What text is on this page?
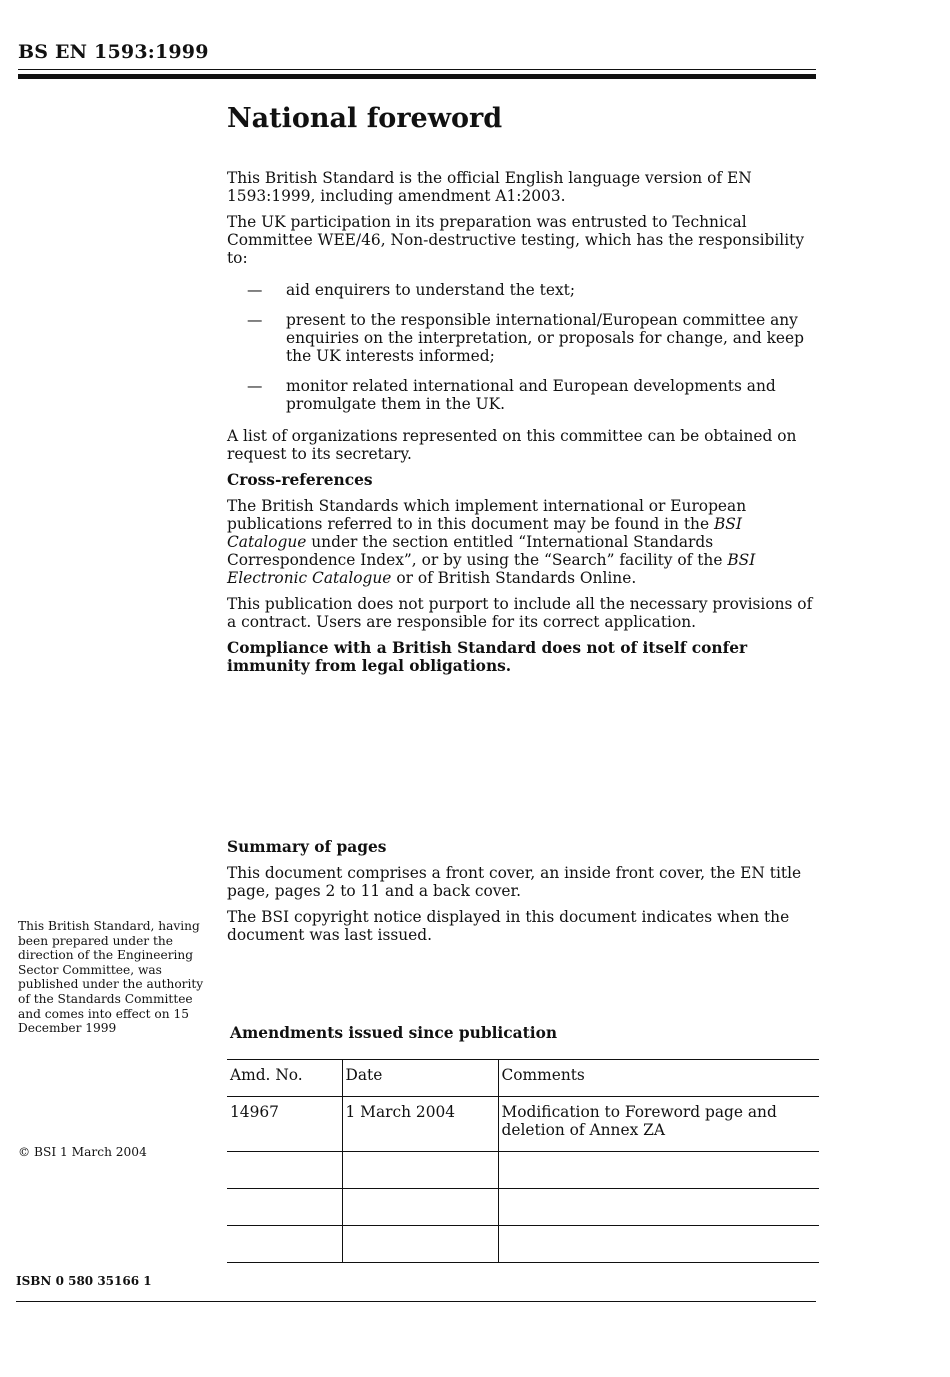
BS EN 1593:1999
National foreword

This British Standard is the official English language version of EN 1593:1999, including amendment A1:2003.

The UK participation in its preparation was entrusted to Technical Committee WEE/46, Non-destructive testing, which has the responsibility to:

— aid enquirers to understand the text;
— present to the responsible international/European committee any enquiries on the interpretation, or proposals for change, and keep the UK interests informed;
— monitor related international and European developments and promulgate them in the UK.

A list of organizations represented on this committee can be obtained on request to its secretary.

Cross-references

The British Standards which implement international or European publications referred to in this document may be found in the BSI Catalogue under the section entitled “International Standards Correspondence Index”, or by using the “Search” facility of the BSI Electronic Catalogue or of British Standards Online.

This publication does not purport to include all the necessary provisions of a contract. Users are responsible for its correct application.

Compliance with a British Standard does not of itself confer immunity from legal obligations.

Summary of pages

This document comprises a front cover, an inside front cover, the EN title page, pages 2 to 11 and a back cover.

The BSI copyright notice displayed in this document indicates when the document was last issued.

This British Standard, having been prepared under the direction of the Engineering Sector Committee, was published under the authority of the Standards Committee and comes into effect on 15 December 1999
© BSI 1 March 2004
Amendments issued since publication
Amd. No.	Date	Comments
14967	1 March 2004	Modification to Foreword page and deletion of Annex ZA

ISBN 0 580 35166 1
